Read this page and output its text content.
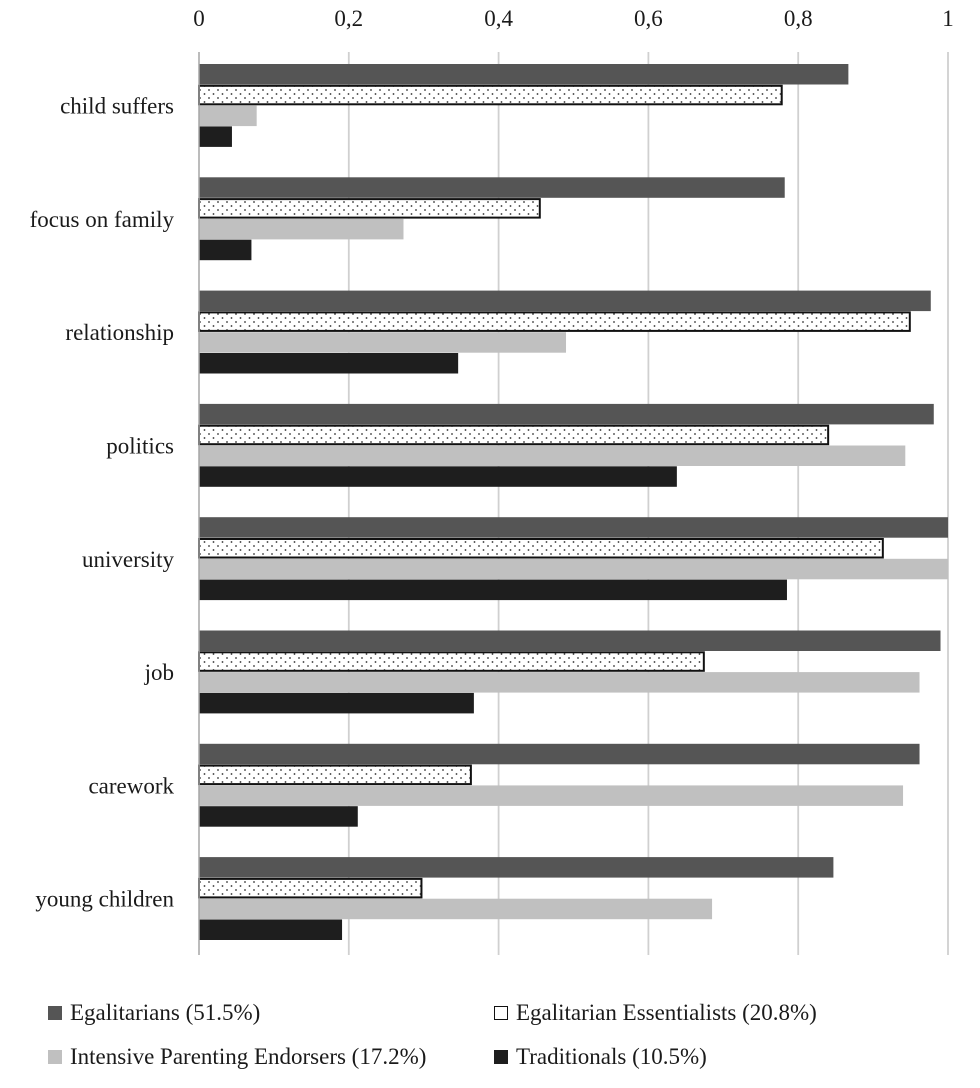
0	0,2	0,4	0,6	0,8	1
child suffers
focus on family
relationship
politics
university
job
carework
young children
Egalitarians (51.5%)	Egalitarian Essentialists (20.8%)
Intensive Parenting Endorsers (17.2%)	Traditionals (10.5%)
